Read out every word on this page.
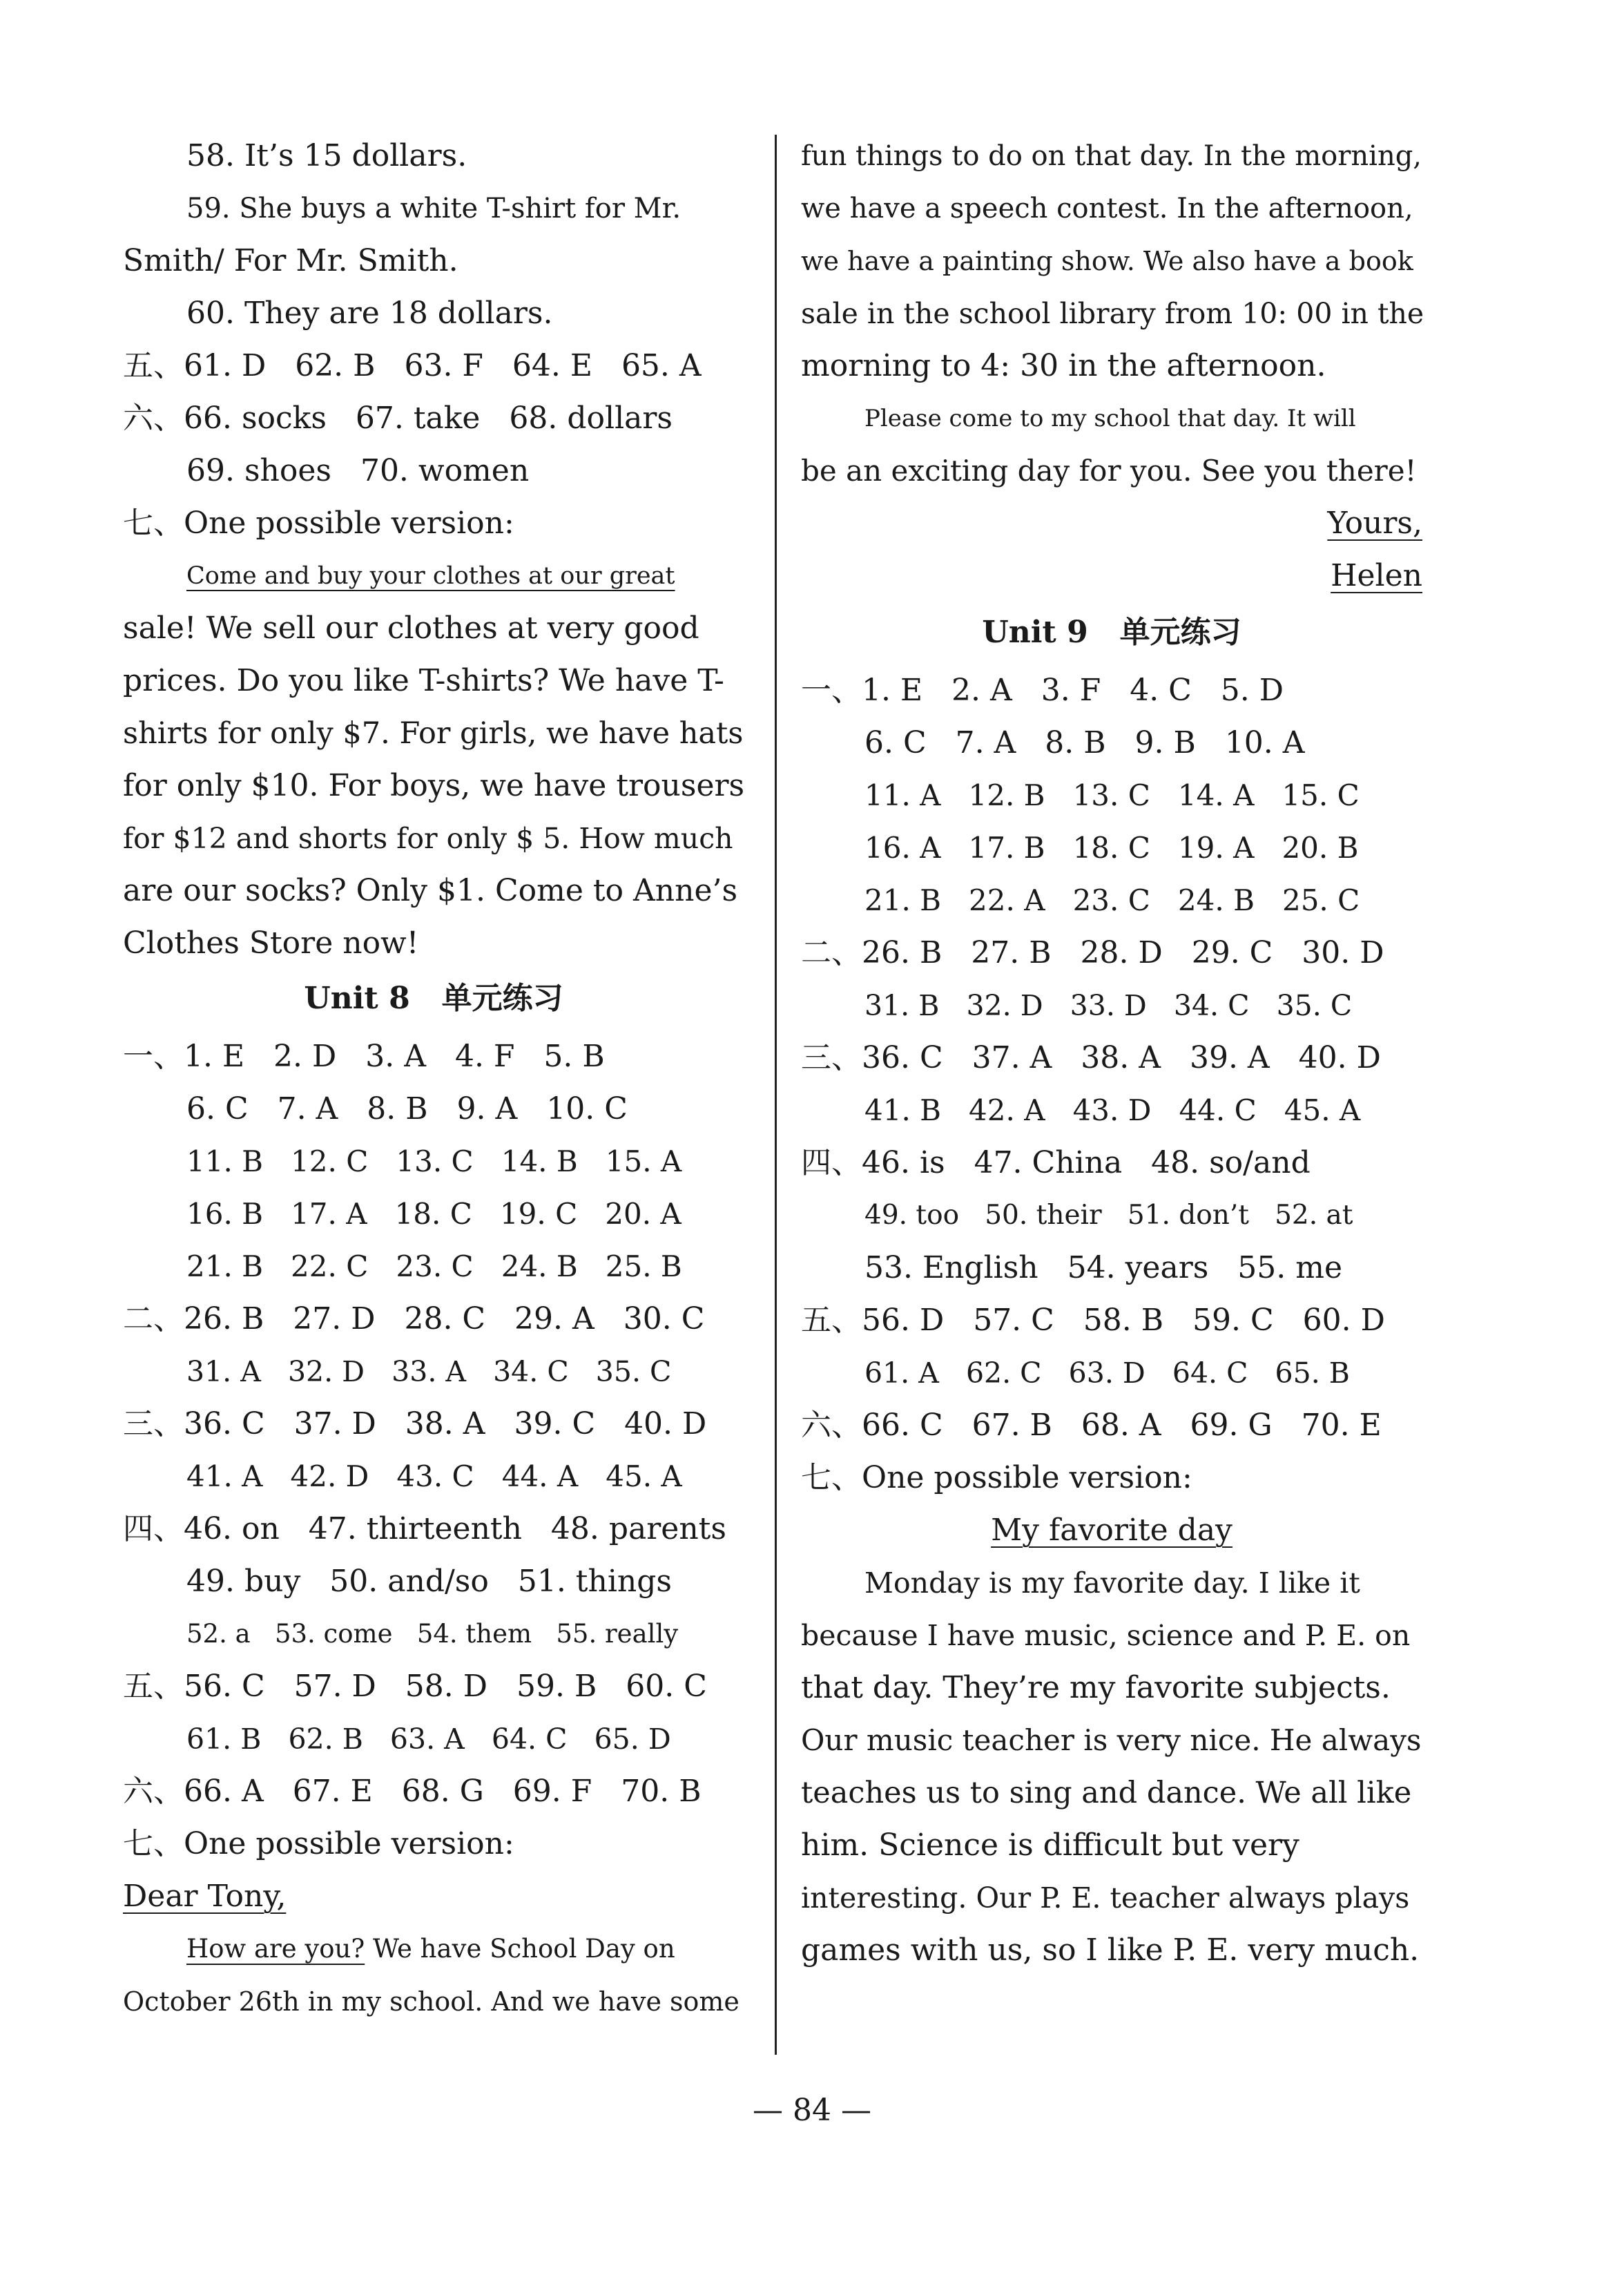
58. It’s 15 dollars.
59. She buys a white T-shirt for Mr.
Smith/ For Mr. Smith.
60. They are 18 dollars.
五、61. D   62. B   63. F   64. E   65. A
六、66. socks   67. take   68. dollars
69. shoes   70. women
七、One possible version:
Come and buy your clothes at our great
sale! We sell our clothes at very good
prices. Do you like T-shirts? We have T-
shirts for only $7. For girls, we have hats
for only $10. For boys, we have trousers
for $12 and shorts for only $ 5. How much
are our socks? Only $1. Come to Anne’s
Clothes Store now!
Unit 8   单元练习
一、1. E   2. D   3. A   4. F   5. B
6. C   7. A   8. B   9. A   10. C
11. B   12. C   13. C   14. B   15. A
16. B   17. A   18. C   19. C   20. A
21. B   22. C   23. C   24. B   25. B
二、26. B   27. D   28. C   29. A   30. C
31. A   32. D   33. A   34. C   35. C
三、36. C   37. D   38. A   39. C   40. D
41. A   42. D   43. C   44. A   45. A
四、46. on   47. thirteenth   48. parents
49. buy   50. and/so   51. things
52. a   53. come   54. them   55. really
五、56. C   57. D   58. D   59. B   60. C
61. B   62. B   63. A   64. C   65. D
六、66. A   67. E   68. G   69. F   70. B
七、One possible version:
Dear Tony,
How are you? We have School Day on
October 26th in my school. And we have some
fun things to do on that day. In the morning,
we have a speech contest. In the afternoon,
we have a painting show. We also have a book
sale in the school library from 10: 00 in the
morning to 4: 30 in the afternoon.
Please come to my school that day. It will
be an exciting day for you. See you there!
Yours,
Helen
Unit 9   单元练习
一、1. E   2. A   3. F   4. C   5. D
6. C   7. A   8. B   9. B   10. A
11. A   12. B   13. C   14. A   15. C
16. A   17. B   18. C   19. A   20. B
21. B   22. A   23. C   24. B   25. C
二、26. B   27. B   28. D   29. C   30. D
31. B   32. D   33. D   34. C   35. C
三、36. C   37. A   38. A   39. A   40. D
41. B   42. A   43. D   44. C   45. A
四、46. is   47. China   48. so/and
49. too   50. their   51. don’t   52. at
53. English   54. years   55. me
五、56. D   57. C   58. B   59. C   60. D
61. A   62. C   63. D   64. C   65. B
六、66. C   67. B   68. A   69. G   70. E
七、One possible version:
My favorite day
Monday is my favorite day. I like it
because I have music, science and P. E. on
that day. They’re my favorite subjects.
Our music teacher is very nice. He always
teaches us to sing and dance. We all like
him. Science is difficult but very
interesting. Our P. E. teacher always plays
games with us, so I like P. E. very much.
— 84 —
